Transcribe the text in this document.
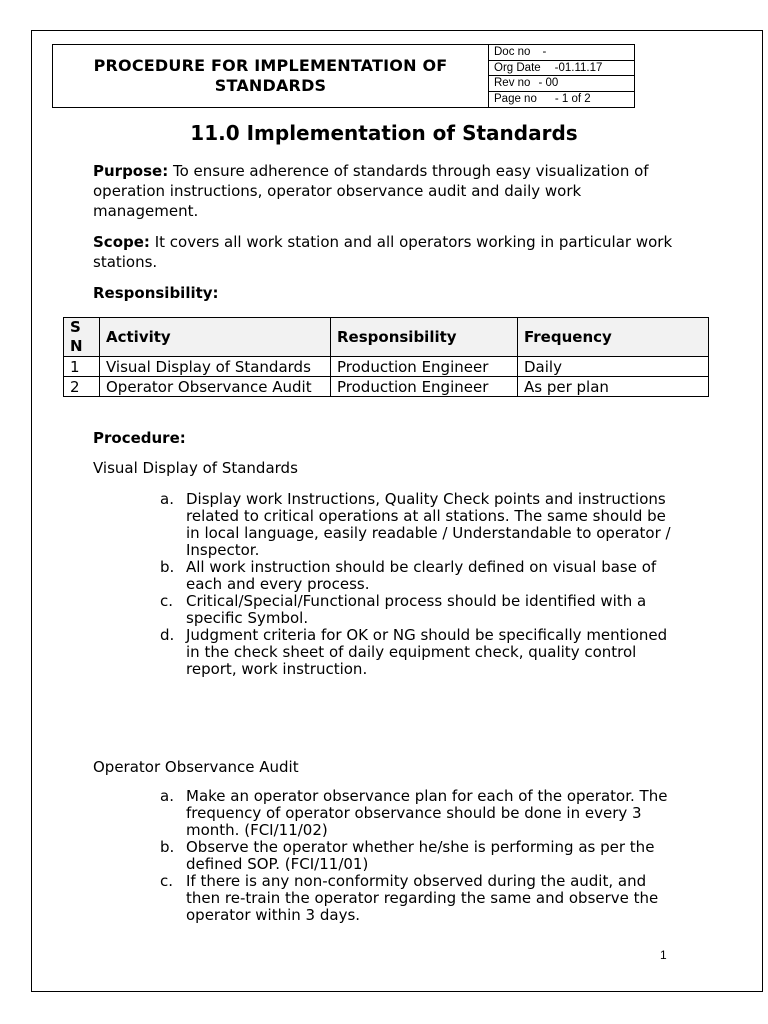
PROCEDURE FOR IMPLEMENTATION OF
STANDARDS
Doc no	-
Org Date	-01.11.17
Rev no - 00
Page no	- 1 of 2
11.0 Implementation of Standards
Purpose: To ensure adherence of standards through easy visualization of operation instructions, operator observance audit and daily work management.
Scope: It covers all work station and all operators working in particular work stations.
Responsibility:
S N	Activity	Responsibility	Frequency
1	Visual Display of Standards	Production Engineer	Daily
2	Operator Observance Audit	Production Engineer	As per plan
Procedure:
Visual Display of Standards
a. Display work Instructions, Quality Check points and instructions related to critical operations at all stations. The same should be in local language, easily readable / Understandable to operator / Inspector.
b. All work instruction should be clearly defined on visual base of each and every process.
c. Critical/Special/Functional process should be identified with a specific Symbol.
d. Judgment criteria for OK or NG should be specifically mentioned in the check sheet of daily equipment check, quality control report, work instruction.
Operator Observance Audit
a. Make an operator observance plan for each of the operator. The frequency of operator observance should be done in every 3 month. (FCI/11/02)
b. Observe the operator whether he/she is performing as per the defined SOP. (FCI/11/01)
c. If there is any non-conformity observed during the audit, and then re-train the operator regarding the same and observe the operator within 3 days.
1
